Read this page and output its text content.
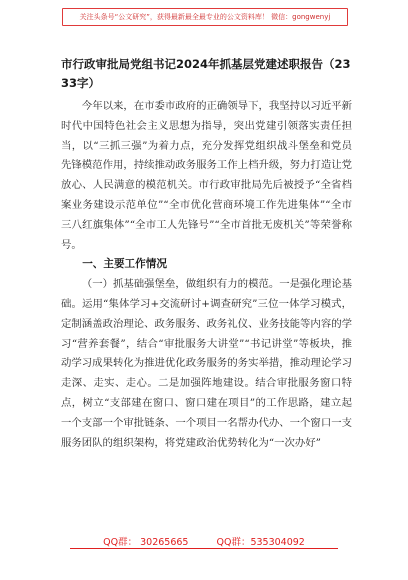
关注头条号“公文研究”，获得最新最全最专业的公文资料库！ 微信：gongwenyj
市行政审批局党组书记2024年抓基层党建述职报告（2333字）

今年以来，在市委市政府的正确领导下，我坚持以习近平新时代中国特色社会主义思想为指导，突出党建引领落实责任担当，以“三抓三强”为着力点，充分发挥党组织战斗堡垒和党员先锋模范作用，持续推动政务服务工作上档升级，努力打造让党放心、人民满意的模范机关。市行政审批局先后被授予“全省档案业务建设示范单位”“全市优化营商环境工作先进集体”“全市三八红旗集体”“全市工人先锋号”“全市首批无废机关”等荣誉称号。

一、主要工作情况

（一）抓基础强堡垒，做组织有力的模范。一是强化理论基础。运用“集体学习+交流研讨+调查研究”三位一体学习模式，定制涵盖政治理论、政务服务、政务礼仪、业务技能等内容的学习“营养套餐”，结合“审批服务大讲堂”“书记讲堂”等板块，推动学习成果转化为推进优化政务服务的务实举措，推动理论学习走深、走实、走心。二是加强阵地建设。结合审批服务窗口特点，树立“支部建在窗口、窗口建在项目”的工作思路，建立起一个支部一个审批链条、一个项目一名帮办代办、一个窗口一支服务团队的组织架构，将党建政治优势转化为“一次办好”

QQ群： 30265665	QQ群：535304092
